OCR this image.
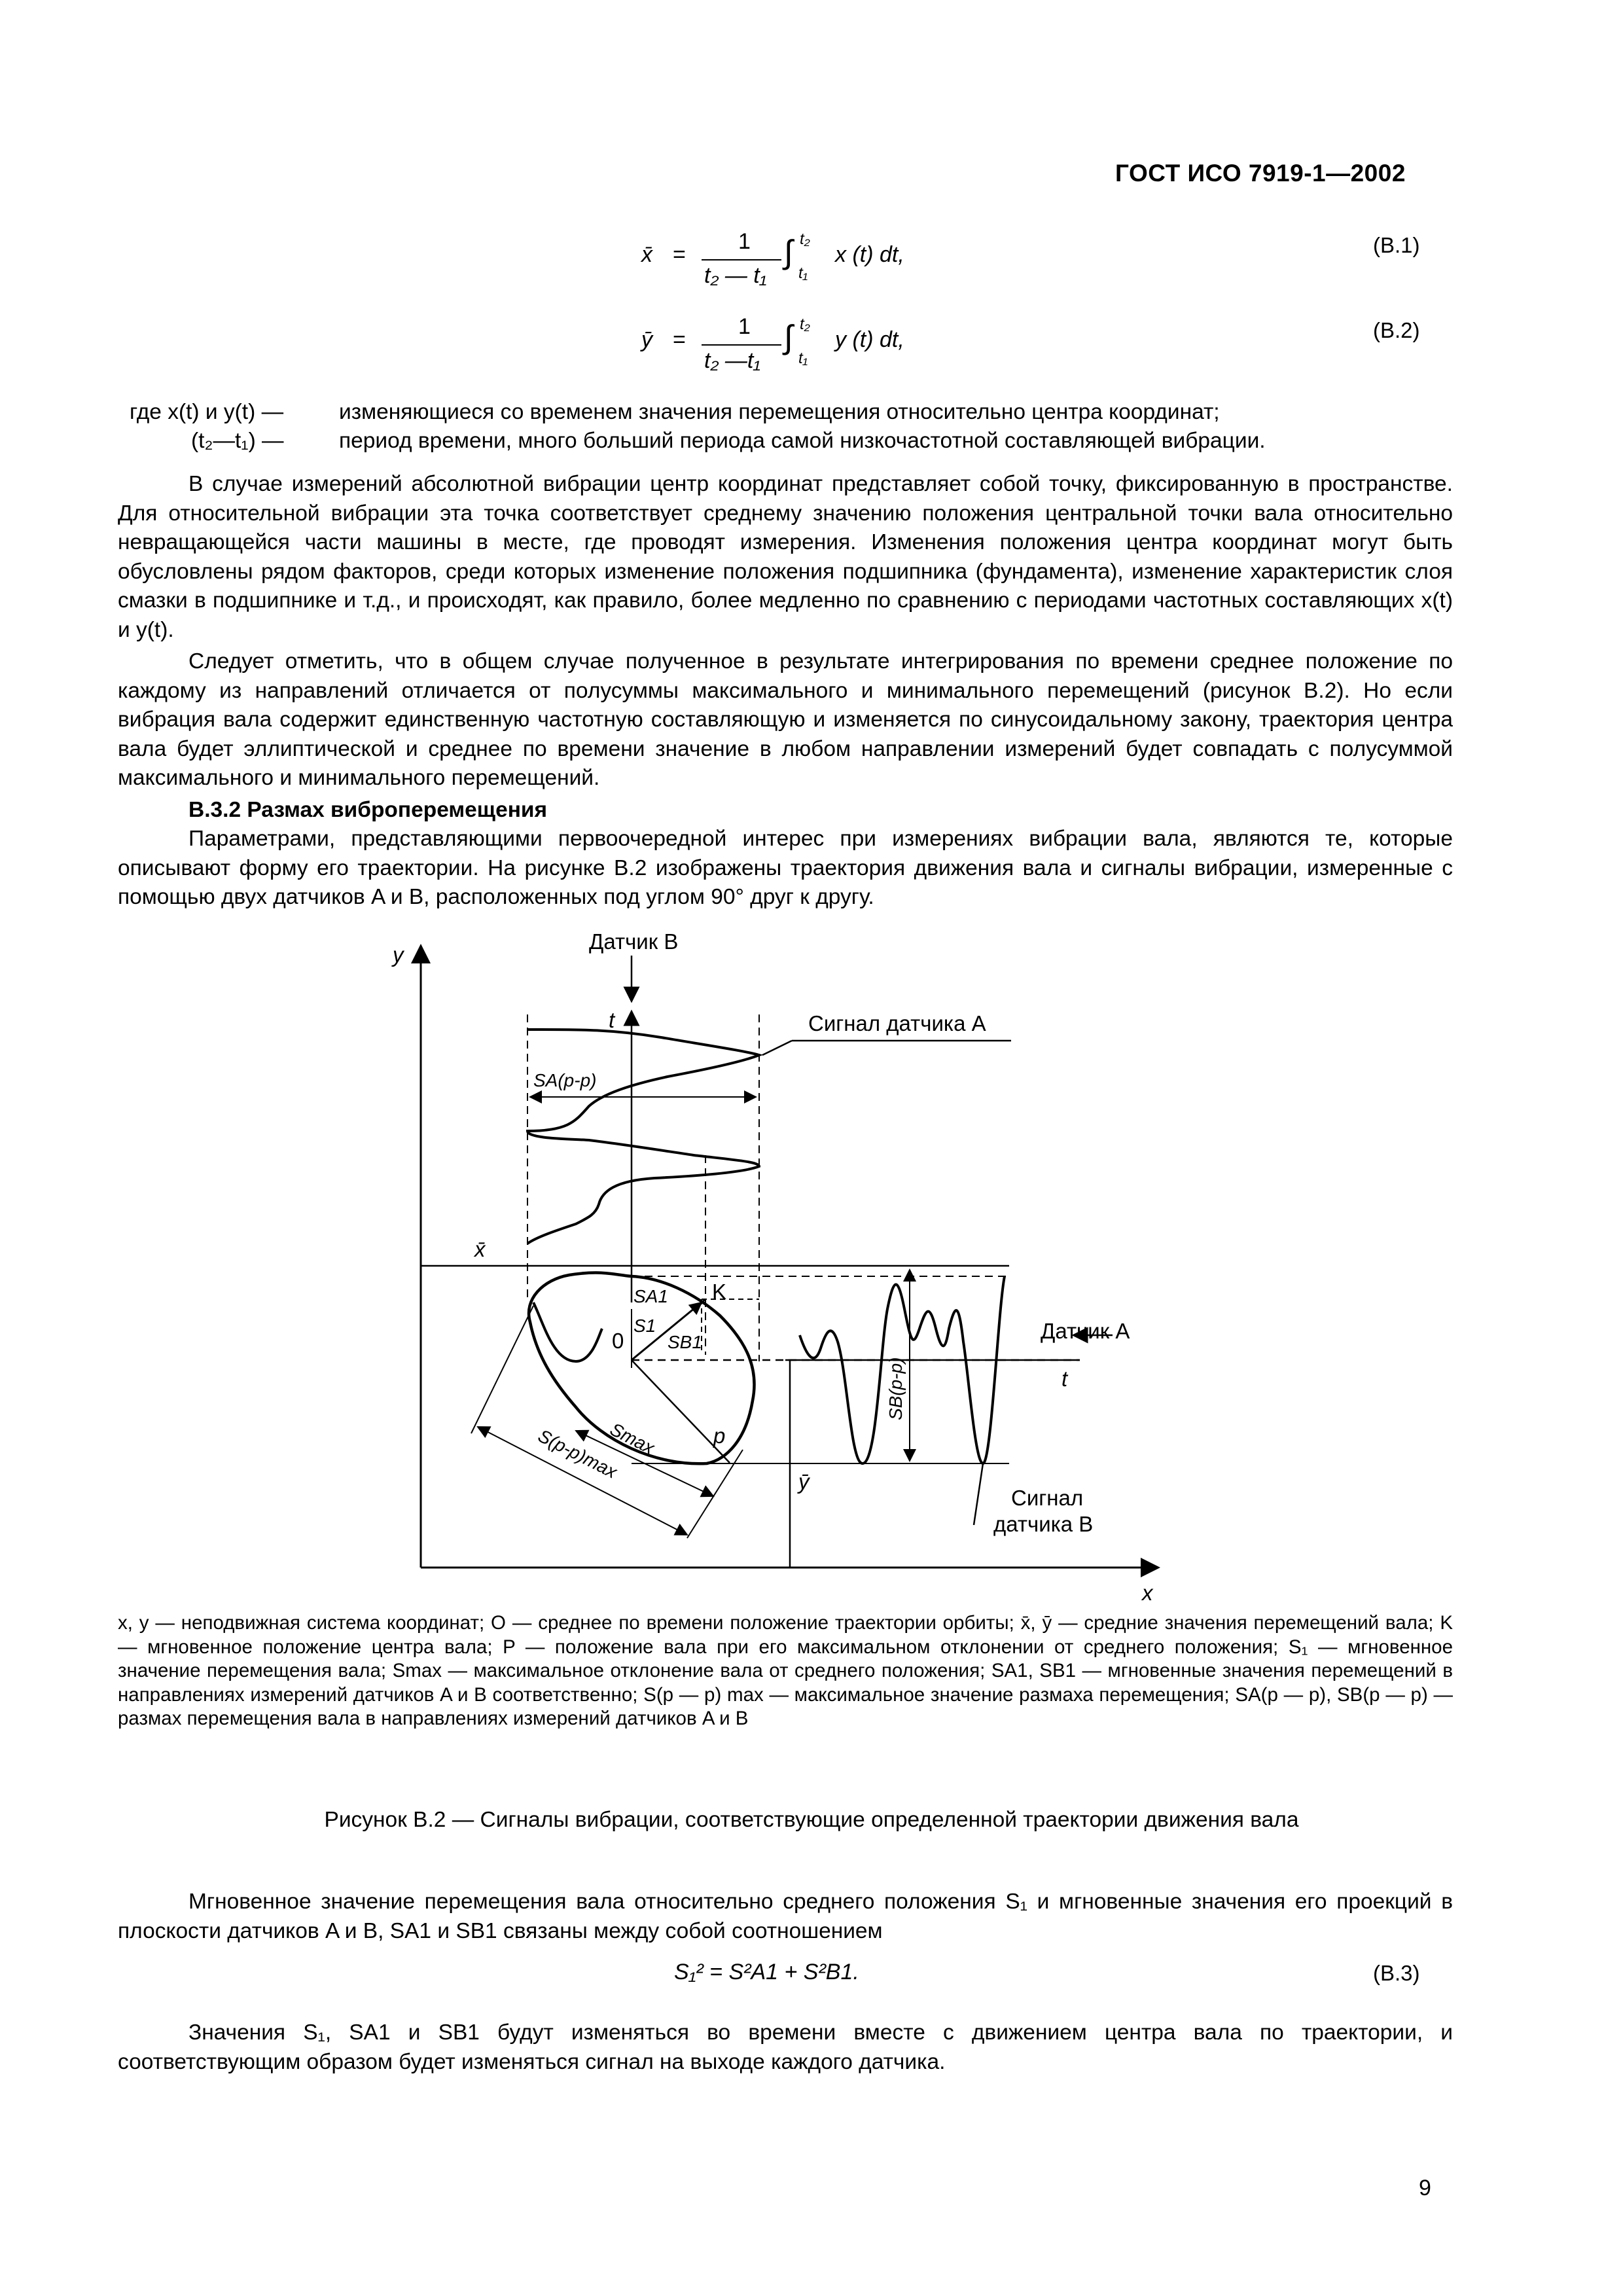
ГОСТ ИСО 7919-1—2002
x̄ =
1
t₂ — t₁
∫ t₂
t₁
x (t) dt,	(В.1)
ȳ =
1
t₂ —t₁
∫ t₂
t₁
y (t) dt,	(В.2)
где x(t) и y(t) —	изменяющиеся со временем значения перемещения относительно центра координат;
(t₂—t₁) —	период времени, много больший периода самой низкочастотной составляющей вибрации.

В случае измерений абсолютной вибрации центр координат представляет собой точку, фиксированную в пространстве. Для относительной вибрации эта точка соответствует среднему значению положения центральной точки вала относительно невращающейся части машины в месте, где проводят измерения. Изменения положения центра координат могут быть обусловлены рядом факторов, среди которых изменение положения подшипника (фундамента), изменение характеристик слоя смазки в подшипнике и т.д., и происходят, как правило, более медленно по сравнению с периодами частотных составляющих x(t) и y(t).

Следует отметить, что в общем случае полученное в результате интегрирования по времени среднее положение по каждому из направлений отличается от полусуммы максимального и минимального перемещений (рисунок В.2). Но если вибрация вала содержит единственную частотную составляющую и изменяется по синусоидальному закону, траектория центра вала будет эллиптической и среднее по времени значение в любом направлении измерений будет совпадать с полусуммой максимального и минимального перемещений.

В.3.2 Размах виброперемещения

Параметрами, представляющими первоочередной интерес при измерениях вибрации вала, являются те, которые описывают форму его траектории. На рисунке В.2 изображены траектория движения вала и сигналы вибрации, измеренные с помощью двух датчиков A и B, расположенных под углом 90° друг к другу.

y
x
Датчик B
t	Сигнал датчика A
SA(p-p)
x̄
SA1 K
S1
SB1
0
p
Smax
S(p-p)max
Датчик A
t
SB(p-p)
ȳ
Сигнал
датчика B
x, y — неподвижная система координат; O — среднее по времени положение траектории орбиты; x̄, ȳ — средние значения перемещений вала; K — мгновенное положение центра вала; P — положение вала при его максимальном отклонении от среднего положения; S₁ — мгновенное значение перемещения вала; Smax — максимальное отклонение вала от среднего положения; SA1, SB1 — мгновенные значения перемещений в направлениях измерений датчиков A и B соответственно; S(p — p) max — максимальное значение размаха перемещения; SA(p — p), SB(p — p) — размах перемещения вала в направлениях измерений датчиков A и B
Рисунок В.2 — Сигналы вибрации, соответствующие определенной траектории движения вала

Мгновенное значение перемещения вала относительно среднего положения S₁ и мгновенные значения его проекций в плоскости датчиков A и B, SA1 и SB1 связаны между собой соотношением

S₁² = S²A1 + S²B1.	(В.3)

Значения S₁, SA1 и SB1 будут изменяться во времени вместе с движением центра вала по траектории, и соответствующим образом будет изменяться сигнал на выходе каждого датчика.

9
